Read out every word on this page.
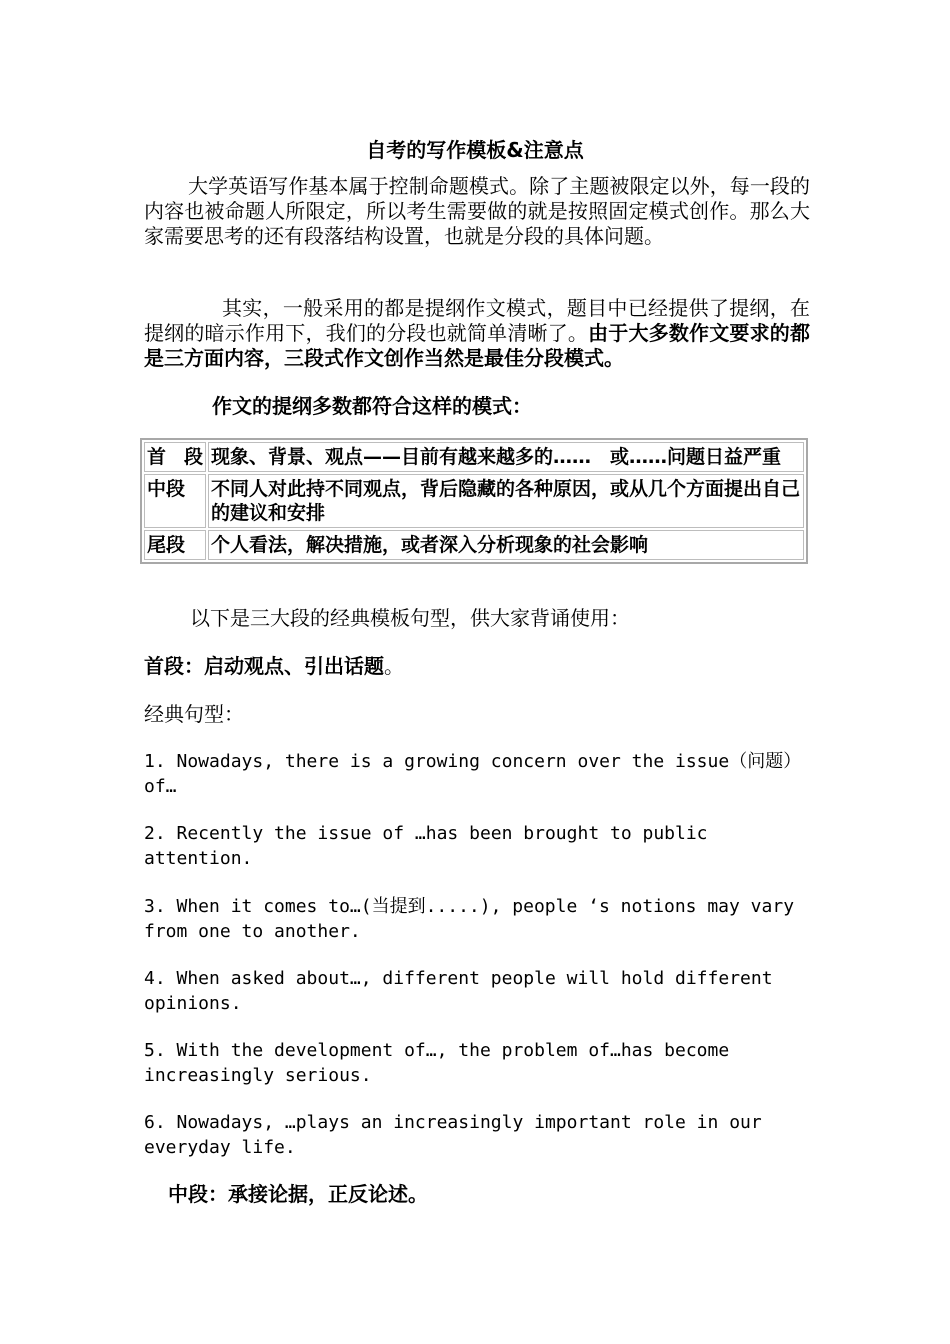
自考的写作模板&注意点
大学英语写作基本属于控制命题模式。除了主题被限定以外，每一段的内容也被命题人所限定，所以考生需要做的就是按照固定模式创作。那么大家需要思考的还有段落结构设置，也就是分段的具体问题。
其实，一般采用的都是提纲作文模式，题目中已经提供了提纲，在提纲的暗示作用下，我们的分段也就简单清晰了。由于大多数作文要求的都是三方面内容，三段式作文创作当然是最佳分段模式。
作文的提纲多数都符合这样的模式：
首段	现象、背景、观点——目前有越来越多的……　或……问题日益严重
中段	不同人对此持不同观点，背后隐藏的各种原因，或从几个方面提出自己的建议和安排
尾段	个人看法，解决措施，或者深入分析现象的社会影响
以下是三大段的经典模板句型，供大家背诵使用：
首段：启动观点、引出话题。
经典句型：
1. Nowadays, there is a growing concern over the issue（问题）of…
2. Recently the issue of …has been brought to public attention.
3. When it comes to…(当提到.....), people ‘s notions may vary from one to another.
4. When asked about…, different people will hold different opinions.
5. With the development of…, the problem of…has become increasingly serious.
6. Nowadays, …plays an increasingly important role in our everyday life.
中段：承接论据，正反论述。
